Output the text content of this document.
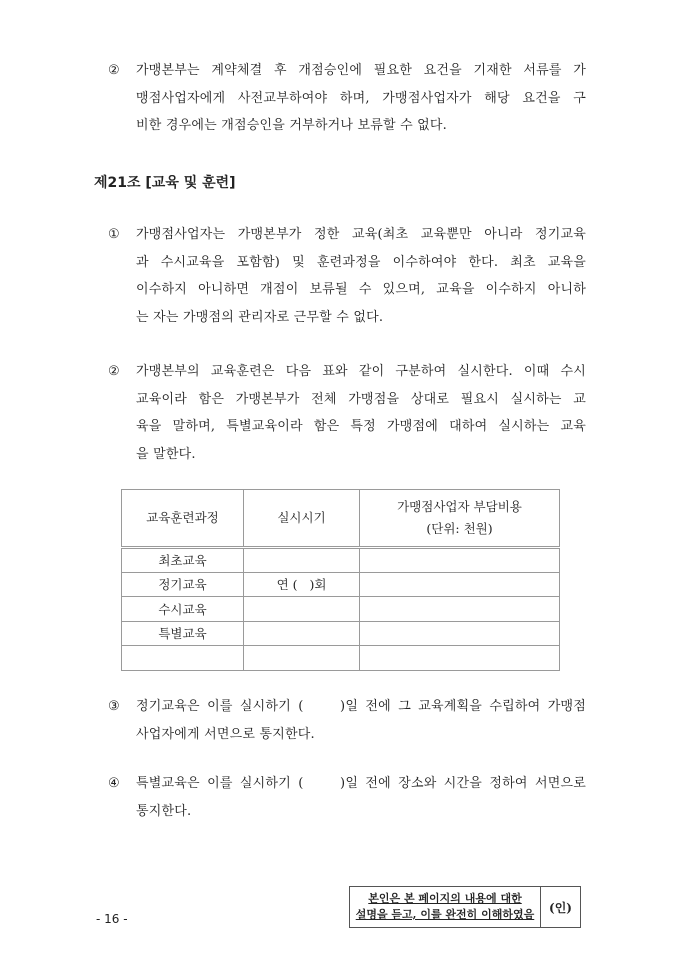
② 가맹본부는 계약체결 후 개점승인에 필요한 요건을 기재한 서류를 가
맹점사업자에게 사전교부하여야 하며, 가맹점사업자가 해당 요건을 구
비한 경우에는 개점승인을 거부하거나 보류할 수 없다.
제21조 [교육 및 훈련]
① 가맹점사업자는 가맹본부가 정한 교육(최초 교육뿐만 아니라 정기교육
과 수시교육을 포함함) 및 훈련과정을 이수하여야 한다. 최초 교육을
이수하지 아니하면 개점이 보류될 수 있으며, 교육을 이수하지 아니하
는 자는 가맹점의 관리자로 근무할 수 없다.
② 가맹본부의 교육훈련은 다음 표와 같이 구분하여 실시한다. 이때 수시
교육이라 함은 가맹본부가 전체 가맹점을 상대로 필요시 실시하는 교
육을 말하며, 특별교육이라 함은 특정 가맹점에 대하여 실시하는 교육
을 말한다.
교육훈련과정	실시시기	가맹점사업자 부담비용
(단위: 천원)

최초교육		
정기교육	연 (   )회	
수시교육		
특별교육		

③ 정기교육은 이를 실시하기 (     )일 전에 그 교육계획을 수립하여 가맹점
사업자에게 서면으로 통지한다.
④ 특별교육은 이를 실시하기 (     )일 전에 장소와 시간을 정하여 서면으로
통지한다.
본인은 본 페이지의 내용에 대한
설명을 듣고, 이를 완전히 이해하였음	(인)
- 16 -
